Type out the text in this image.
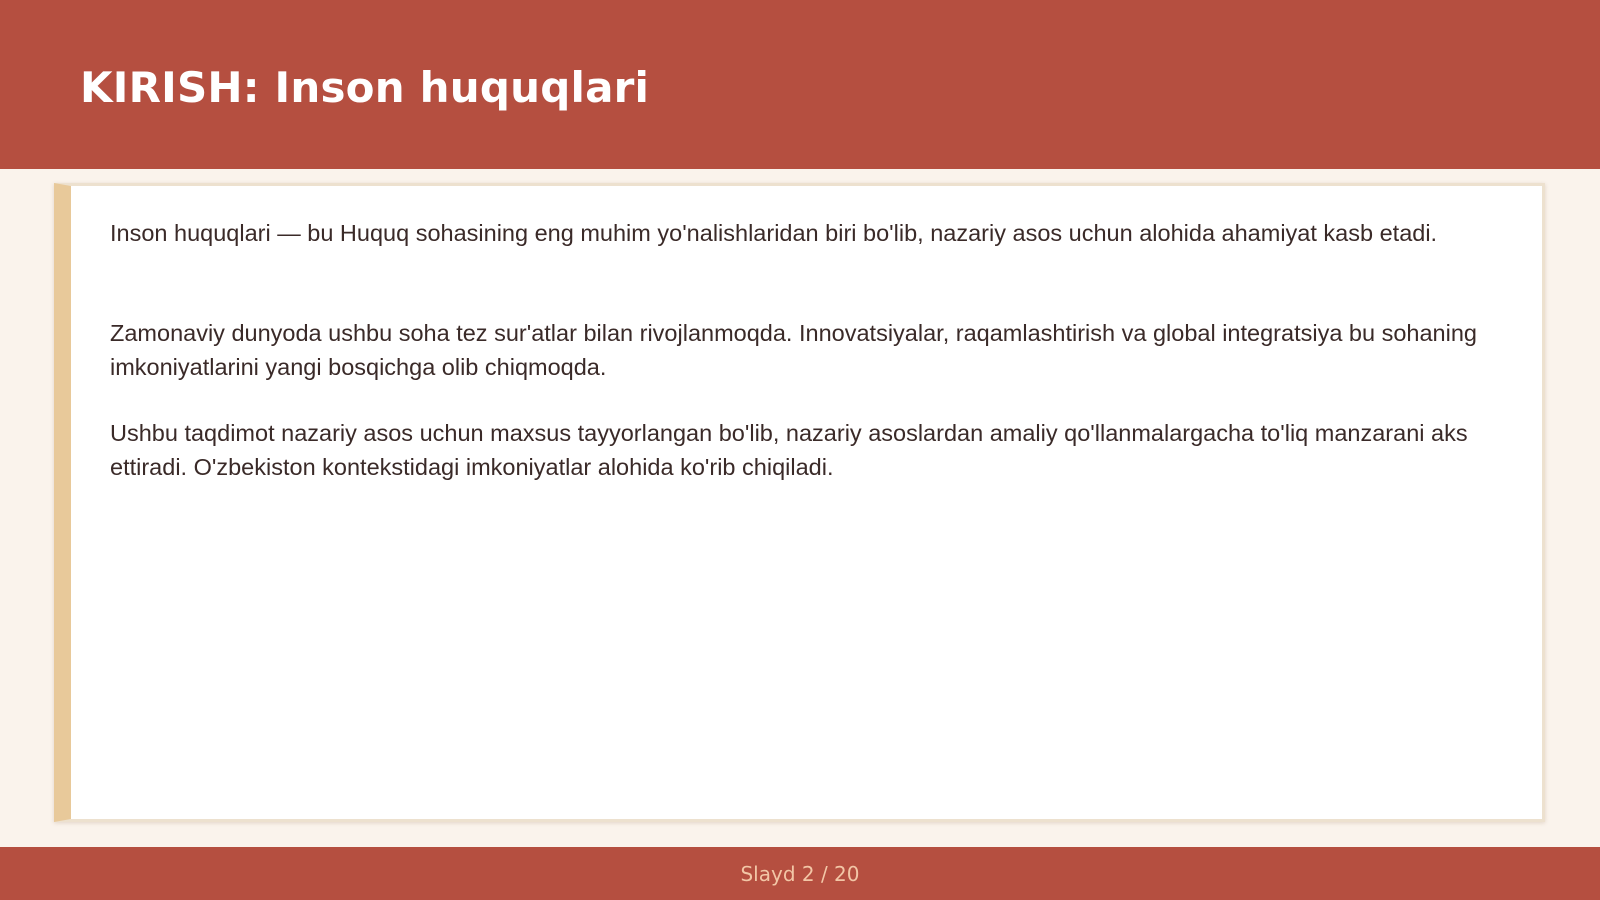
KIRISH: Inson huquqlari

Inson huquqlari — bu Huquq sohasining eng muhim yo'nalishlaridan biri bo'lib, nazariy asos uchun alohida ahamiyat kasb etadi.

Zamonaviy dunyoda ushbu soha tez sur'atlar bilan rivojlanmoqda. Innovatsiyalar, raqamlashtirish va global integratsiya bu sohaning imkoniyatlarini yangi bosqichga olib chiqmoqda.

Ushbu taqdimot nazariy asos uchun maxsus tayyorlangan bo'lib, nazariy asoslardan amaliy qo'llanmalargacha to'liq manzarani aks ettiradi. O'zbekiston kontekstidagi imkoniyatlar alohida ko'rib chiqiladi.

Slayd 2 / 20
